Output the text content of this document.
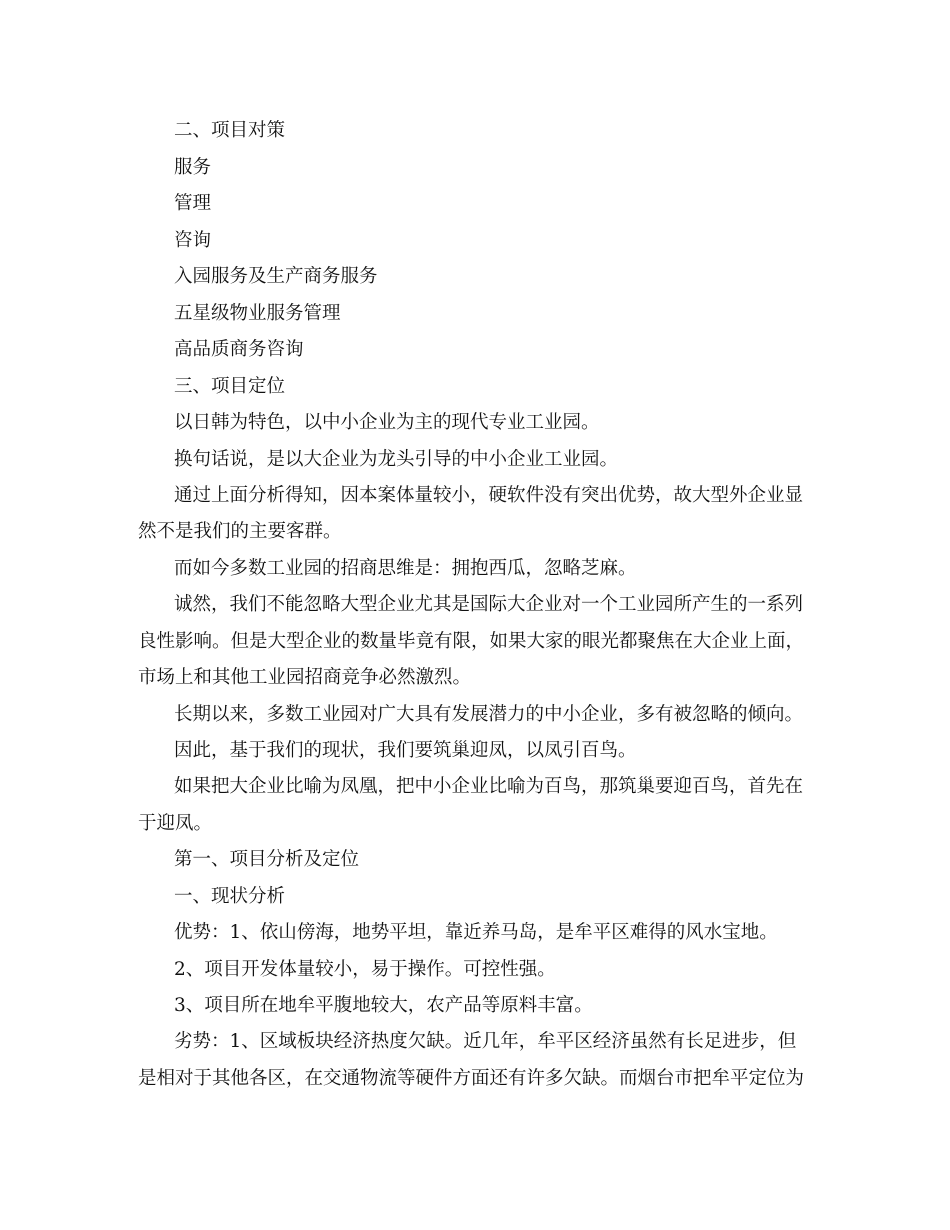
二、项目对策
服务
管理
咨询
入园服务及生产商务服务
五星级物业服务管理
高品质商务咨询
三、项目定位
以日韩为特色，以中小企业为主的现代专业工业园。
换句话说，是以大企业为龙头引导的中小企业工业园。
通过上面分析得知，因本案体量较小，硬软件没有突出优势，故大型外企业显
然不是我们的主要客群。
而如今多数工业园的招商思维是：拥抱西瓜，忽略芝麻。
诚然，我们不能忽略大型企业尤其是国际大企业对一个工业园所产生的一系列
良性影响。但是大型企业的数量毕竟有限，如果大家的眼光都聚焦在大企业上面，
市场上和其他工业园招商竞争必然激烈。
长期以来，多数工业园对广大具有发展潜力的中小企业，多有被忽略的倾向。
因此，基于我们的现状，我们要筑巢迎凤，以凤引百鸟。
如果把大企业比喻为凤凰，把中小企业比喻为百鸟，那筑巢要迎百鸟，首先在
于迎凤。
第一、项目分析及定位
一、现状分析
优势：1、依山傍海，地势平坦，靠近养马岛，是牟平区难得的风水宝地。
2、项目开发体量较小，易于操作。可控性强。
3、项目所在地牟平腹地较大，农产品等原料丰富。
劣势：1、区域板块经济热度欠缺。近几年，牟平区经济虽然有长足进步，但
是相对于其他各区，在交通物流等硬件方面还有许多欠缺。而烟台市把牟平定位为
